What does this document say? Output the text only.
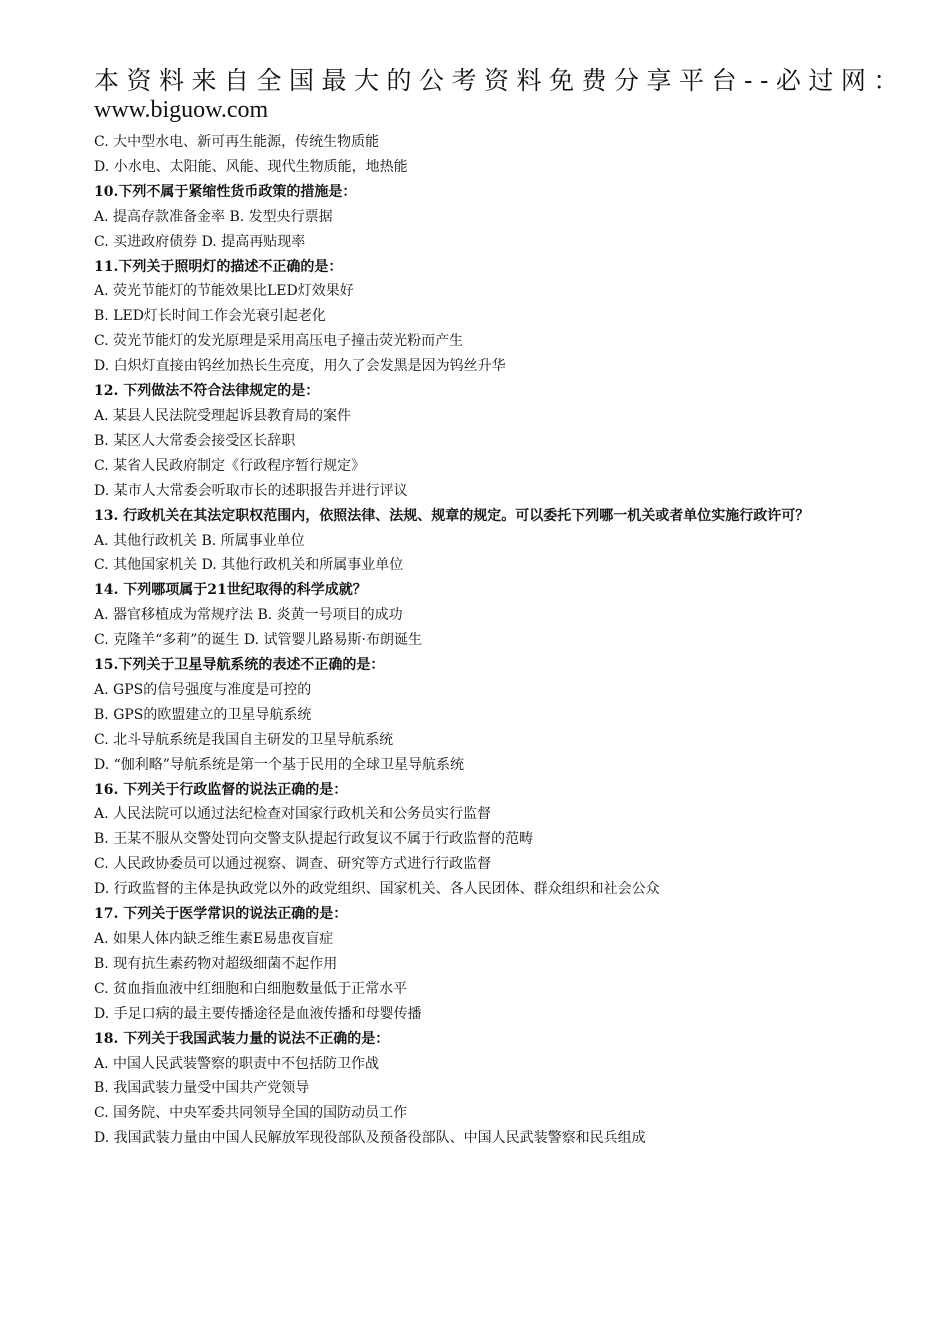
本资料来自全国最大的公考资料免费分享平台--必过网：
www.biguow.com
C. 大中型水电、新可再生能源，传统生物质能
D. 小水电、太阳能、风能、现代生物质能，地热能
10.下列不属于紧缩性货币政策的措施是：
A. 提高存款准备金率 B. 发型央行票据
C. 买进政府债券 D. 提高再贴现率
11.下列关于照明灯的描述不正确的是：
A. 荧光节能灯的节能效果比LED灯效果好
B. LED灯长时间工作会光衰引起老化
C. 荧光节能灯的发光原理是采用高压电子撞击荧光粉而产生
D. 白炽灯直接由钨丝加热长生亮度，用久了会发黑是因为钨丝升华
12. 下列做法不符合法律规定的是：
A. 某县人民法院受理起诉县教育局的案件
B. 某区人大常委会接受区长辞职
C. 某省人民政府制定《行政程序暂行规定》
D. 某市人大常委会听取市长的述职报告并进行评议
13. 行政机关在其法定职权范围内，依照法律、法规、规章的规定。可以委托下列哪一机关或者单位实施行政许可？
A. 其他行政机关 B. 所属事业单位
C. 其他国家机关 D. 其他行政机关和所属事业单位
14. 下列哪项属于21世纪取得的科学成就？
A. 器官移植成为常规疗法 B. 炎黄一号项目的成功
C. 克隆羊“多莉”的诞生 D. 试管婴儿路易斯·布朗诞生
15.下列关于卫星导航系统的表述不正确的是：
A. GPS的信号强度与准度是可控的
B. GPS的欧盟建立的卫星导航系统
C. 北斗导航系统是我国自主研发的卫星导航系统
D. “伽利略”导航系统是第一个基于民用的全球卫星导航系统
16. 下列关于行政监督的说法正确的是：
A. 人民法院可以通过法纪检查对国家行政机关和公务员实行监督
B. 王某不服从交警处罚向交警支队提起行政复议不属于行政监督的范畴
C. 人民政协委员可以通过视察、调查、研究等方式进行行政监督
D. 行政监督的主体是执政党以外的政党组织、国家机关、各人民团体、群众组织和社会公众
17. 下列关于医学常识的说法正确的是：
A. 如果人体内缺乏维生素E易患夜盲症
B. 现有抗生素药物对超级细菌不起作用
C. 贫血指血液中红细胞和白细胞数量低于正常水平
D. 手足口病的最主要传播途径是血液传播和母婴传播
18. 下列关于我国武装力量的说法不正确的是：
A. 中国人民武装警察的职责中不包括防卫作战
B. 我国武装力量受中国共产党领导
C. 国务院、中央军委共同领导全国的国防动员工作
D. 我国武装力量由中国人民解放军现役部队及预备役部队、中国人民武装警察和民兵组成
